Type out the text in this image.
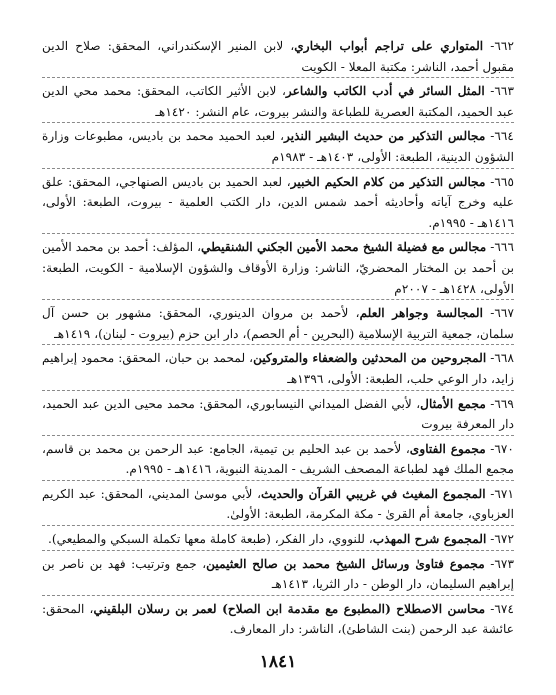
٦٦٢- المتواري على تراجم أبواب البخاري، لابن المنير الإسكندراني، المحقق: صلاح الدين مقبول أحمد، الناشر: مكتبة المعلا - الكويت

٦٦٣- المثل السائر في أدب الكاتب والشاعر، لابن الأثير الكاتب، المحقق: محمد محي الدين عبد الحميد، المكتبة العصرية للطباعة والنشر بيروت، عام النشر: ١٤٢٠هـ

٦٦٤- مجالس التذكير من حديث البشير النذير، لعبد الحميد محمد بن باديس، مطبوعات وزارة الشؤون الدينية، الطبعة: الأولى، ١٤٠٣هـ - ١٩٨٣م

٦٦٥- مجالس التذكير من كلام الحكيم الخبير، لعبد الحميد بن باديس الصنهاجي، المحقق: علق عليه وخرج آياته وأحاديثه أحمد شمس الدين، دار الكتب العلمية - بيروت، الطبعة: الأولى، ١٤١٦هـ - ١٩٩٥م.

٦٦٦- مجالس مع فضيلة الشيخ محمد الأمين الجكني الشنقيطي، المؤلف: أحمد بن محمد الأمين بن أحمد بن المختار المحضريّ، الناشر: وزارة الأوقاف والشؤون الإسلامية - الكويت، الطبعة: الأولى، ١٤٢٨هـ - ٢٠٠٧م

٦٦٧- المجالسة وجواهر العلم، لأحمد بن مروان الدينوري، المحقق: مشهور بن حسن آل سلمان، جمعية التربية الإسلامية (البحرين - أم الحصم)، دار ابن حزم (بيروت - لبنان)، ١٤١٩هـ

٦٦٨- المجروحين من المحدثين والضعفاء والمتروكين، لمحمد بن حبان، المحقق: محمود إبراهيم زايد، دار الوعي حلب، الطبعة: الأولى، ١٣٩٦هـ

٦٦٩- مجمع الأمثال، لأبي الفضل الميداني النيسابوري، المحقق: محمد محيى الدين عبد الحميد، دار المعرفة بيروت

٦٧٠- مجموع الفتاوى، لأحمد بن عبد الحليم بن تيمية، الجامع: عبد الرحمن بن محمد بن قاسم، مجمع الملك فهد لطباعة المصحف الشريف - المدينة النبوية، ١٤١٦هـ - ١٩٩٥م.

٦٧١- المجموع المغيث في غريبي القرآن والحديث، لأبي موسىٰ المديني، المحقق: عبد الكريم العزباوي، جامعة أم القرىٰ - مكة المكرمة، الطبعة: الأولىٰ.

٦٧٢- المجموع شرح المهذب، للنووي، دار الفكر، (طبعة كاملة معها تكملة السبكي والمطيعي).

٦٧٣- مجموع فتاوىٰ ورسائل الشيخ محمد بن صالح العثيمين، جمع وترتيب: فهد بن ناصر بن إبراهيم السليمان، دار الوطن - دار الثريا، ١٤١٣هـ

٦٧٤- محاسن الاصطلاح (المطبوع مع مقدمة ابن الصلاح) لعمر بن رسلان البلقيني، المحقق: عائشة عبد الرحمن (بنت الشاطئ)، الناشر: دار المعارف.

١٨٤١
